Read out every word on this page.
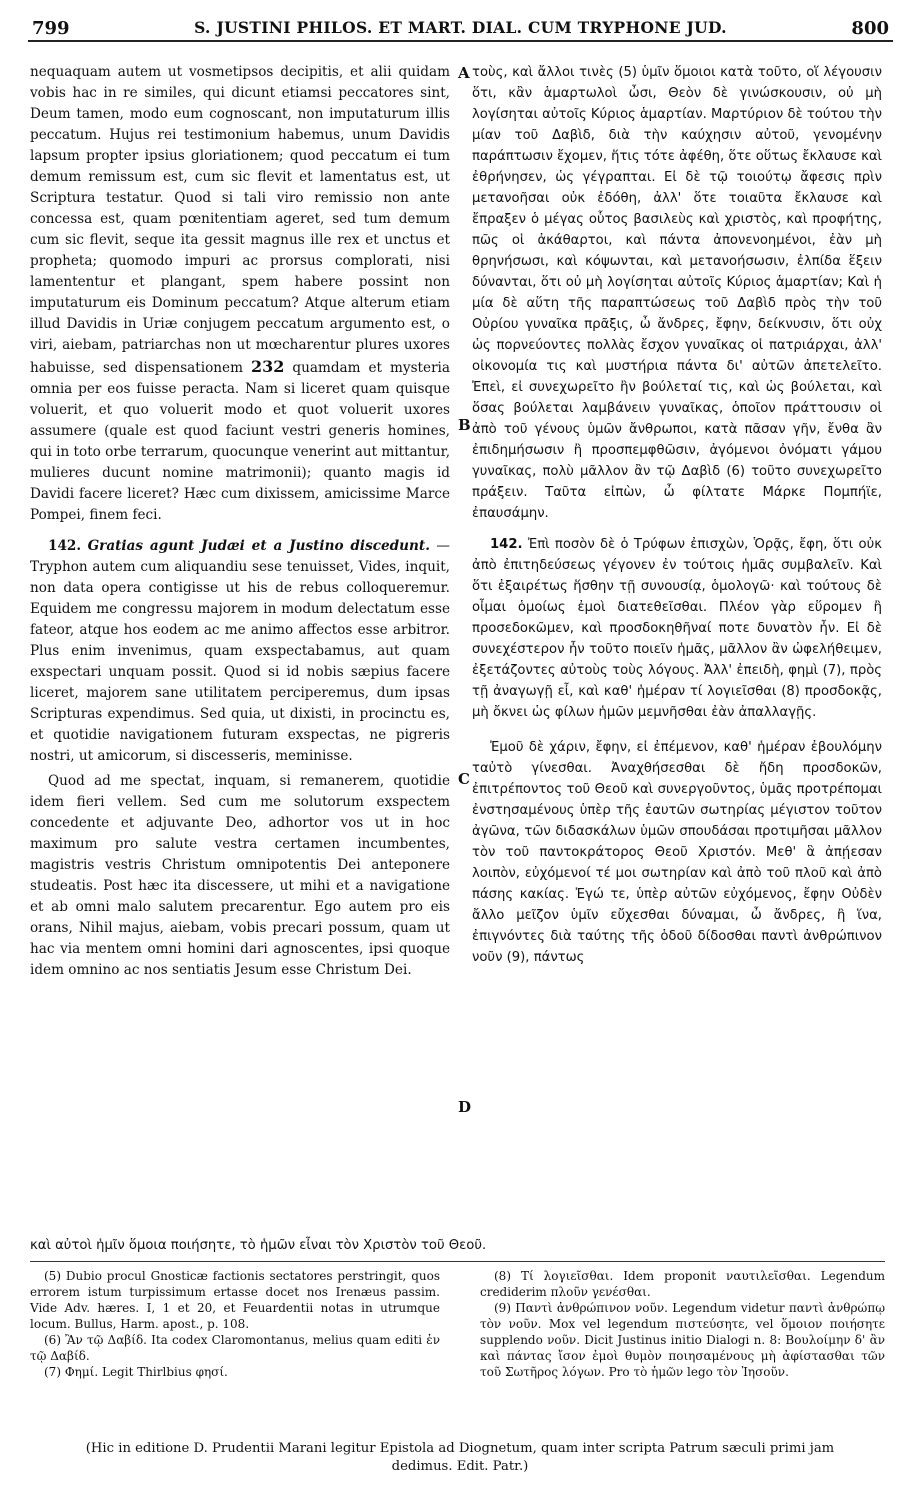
799	S. JUSTINI PHILOS. ET MART. DIAL. CUM TRYPHONE JUD.	800

nequaquam autem ut vosmetipsos decipitis, et alii quidam vobis hac in re similes, qui dicunt etiamsi peccatores sint, Deum tamen, modo eum cognoscant, non imputaturum illis peccatum. Hujus rei testimonium habemus, unum Davidis lapsum propter ipsius gloriationem; quod peccatum ei tum demum remissum est, cum sic flevit et lamentatus est, ut Scriptura testatur. Quod si tali viro remissio non ante concessa est, quam pœnitentiam ageret, sed tum demum cum sic flevit, seque ita gessit magnus ille rex et unctus et propheta; quomodo impuri ac prorsus complorati, nisi lamententur et plangant, spem habere possint non imputaturum eis Dominum peccatum? Atque alterum etiam illud Davidis in Uriæ conjugem peccatum argumento est, o viri, aiebam, patriarchas non ut mœcharentur plures uxores habuisse, sed dispensationem 232 quamdam et mysteria omnia per eos fuisse peracta. Nam si liceret quam quisque voluerit, et quo voluerit modo et quot voluerit uxores assumere (quale est quod faciunt vestri generis homines, qui in toto orbe terrarum, quocunque venerint aut mittantur, mulieres ducunt nomine matrimonii); quanto magis id Davidi facere liceret? Hæc cum dixissem, amicissime Marce Pompei, finem feci.

142. Gratias agunt Judæi et a Justino discedunt. — Tryphon autem cum aliquandiu sese tenuisset, Vides, inquit, non data opera contigisse ut his de rebus colloqueremur. Equidem me congressu majorem in modum delectatum esse fateor, atque hos eodem ac me animo affectos esse arbitror. Plus enim invenimus, quam exspectabamus, aut quam exspectari unquam possit. Quod si id nobis sæpius facere liceret, majorem sane utilitatem perciperemus, dum ipsas Scripturas expendimus. Sed quia, ut dixisti, in procinctu es, et quotidie navigationem futuram exspectas, ne pigreris nostri, ut amicorum, si discesseris, meminisse.

Quod ad me spectat, inquam, si remanerem, quotidie idem fieri vellem. Sed cum me solutorum exspectem concedente et adjuvante Deo, adhortor vos ut in hoc maximum pro salute vestra certamen incumbentes, magistris vestris Christum omnipotentis Dei anteponere studeatis. Post hæc ita discessere, ut mihi et a navigatione et ab omni malo salutem precarentur. Ego autem pro eis orans, Nihil majus, aiebam, vobis precari possum, quam ut hac via mentem omni homini dari agnoscentes, ipsi quoque idem omnino ac nos sentiatis Jesum esse Christum Dei.

A
B
C
D

τοὺς, καὶ ἄλλοι τινὲς (5) ὑμῖν ὅμοιοι κατὰ τοῦτο, οἵ λέγουσιν ὅτι, κἂν ἁμαρτωλοὶ ὦσι, Θεὸν δὲ γινώσκουσιν, οὐ μὴ λογίσηται αὐτοῖς Κύριος ἁμαρτίαν. Μαρτύριον δὲ τούτου τὴν μίαν τοῦ Δαβὶδ, διὰ τὴν καύχησιν αὐτοῦ, γενομένην παράπτωσιν ἔχομεν, ἥτις τότε ἀφέθη, ὅτε οὕτως ἔκλαυσε καὶ ἐθρήνησεν, ὡς γέγραπται. Εἰ δὲ τῷ τοιούτῳ ἄφεσις πρὶν μετανοῆσαι οὐκ ἐδόθη, ἀλλ' ὅτε τοιαῦτα ἔκλαυσε καὶ ἔπραξεν ὁ μέγας οὗτος βασιλεὺς καὶ χριστὸς, καὶ προφήτης, πῶς οἱ ἀκάθαρτοι, καὶ πάντα ἀπονενοημένοι, ἐὰν μὴ θρηνήσωσι, καὶ κόψωνται, καὶ μετανοήσωσιν, ἐλπίδα ἕξειν δύνανται, ὅτι οὐ μὴ λογίσηται αὐτοῖς Κύριος ἁμαρτίαν; Καὶ ἡ μία δὲ αὕτη τῆς παραπτώσεως τοῦ Δαβὶδ πρὸς τὴν τοῦ Οὐρίου γυναῖκα πρᾶξις, ὦ ἄνδρες, ἔφην, δείκνυσιν, ὅτι οὐχ ὡς πορνεύοντες πολλὰς ἔσχον γυναῖκας οἱ πατριάρχαι, ἀλλ' οἰκονομία τις καὶ μυστήρια πάντα δι' αὐτῶν ἀπετελεῖτο. Ἐπεὶ, εἰ συνεχωρεῖτο ἣν βούλεταί τις, καὶ ὡς βούλεται, καὶ ὅσας βούλεται λαμβάνειν γυναῖκας, ὁποῖον πράττουσιν οἱ ἀπὸ τοῦ γένους ὑμῶν ἄνθρωποι, κατὰ πᾶσαν γῆν, ἔνθα ἂν ἐπιδημήσωσιν ἢ προσπεμφθῶσιν, ἀγόμενοι ὀνόματι γάμου γυναῖκας, πολὺ μᾶλλον ἂν τῷ Δαβὶδ (6) τοῦτο συνεχωρεῖτο πράξειν. Ταῦτα εἰπὼν, ὦ φίλτατε Μάρκε Πομπήϊε, ἐπαυσάμην.

142. Ἐπὶ ποσὸν δὲ ὁ Τρύφων ἐπισχὼν, Ὁρᾷς, ἔφη, ὅτι οὐκ ἀπὸ ἐπιτηδεύσεως γέγονεν ἐν τούτοις ἡμᾶς συμβαλεῖν. Καὶ ὅτι ἐξαιρέτως ἥσθην τῇ συνουσίᾳ, ὁμολογῶ· καὶ τούτους δὲ οἶμαι ὁμοίως ἐμοὶ διατεθεῖσθαι. Πλέον γὰρ εὕρομεν ἢ προσεδοκῶμεν, καὶ προσδοκηθῆναί ποτε δυνατὸν ἦν. Εἰ δὲ συνεχέστερον ἦν τοῦτο ποιεῖν ἡμᾶς, μᾶλλον ἂν ὠφελήθειμεν, ἐξετάζοντες αὐτοὺς τοὺς λόγους. Ἀλλ' ἐπειδὴ, φημὶ (7), πρὸς τῇ ἀναγωγῇ εἶ, καὶ καθ' ἡμέραν τί λογιεῖσθαι (8) προσδοκᾷς, μὴ ὄκνει ὡς φίλων ἡμῶν μεμνῆσθαι ἐὰν ἀπαλλαγῇς.

Ἐμοῦ δὲ χάριν, ἔφην, εἰ ἐπέμενον, καθ' ἡμέραν ἐβουλόμην ταὐτὸ γίνεσθαι. Ἀναχθήσεσθαι δὲ ἤδη προσδοκῶν, ἐπιτρέποντος τοῦ Θεοῦ καὶ συνεργοῦντος, ὑμᾶς προτρέπομαι ἐνστησαμένους ὑπὲρ τῆς ἑαυτῶν σωτηρίας μέγιστον τοῦτον ἀγῶνα, τῶν διδασκάλων ὑμῶν σπουδάσαι προτιμῆσαι μᾶλλον τὸν τοῦ παντοκράτορος Θεοῦ Χριστόν. Μεθ' ἃ ἀπῄεσαν λοιπὸν, εὐχόμενοί τέ μοι σωτηρίαν καὶ ἀπὸ τοῦ πλοῦ καὶ ἀπὸ πάσης κακίας. Ἐγώ τε, ὑπὲρ αὐτῶν εὐχόμενος, ἔφην Οὐδὲν ἄλλο μεῖζον ὑμῖν εὔχεσθαι δύναμαι, ὦ ἄνδρες, ἢ ἵνα, ἐπιγνόντες διὰ ταύτης τῆς ὁδοῦ δίδοσθαι παντὶ ἀνθρώπινον νοῦν (9), πάντως

καὶ αὐτοὶ ἡμῖν ὅμοια ποιήσητε, τὸ ἡμῶν εἶναι τὸν Χριστὸν τοῦ Θεοῦ.

(5) Dubio procul Gnosticæ factionis sectatores perstringit, quos errorem istum turpissimum ertasse docet nos Irenæus passim. Vide Adv. hæres. I, 1 et 20, et Feuardentii notas in utrumque locum. Bullus, Harm. apost., p. 108.

(6) Ἂν τῷ Δαβίδ. Ita codex Claromontanus, melius quam editi ἐν τῷ Δαβίδ.

(7) Φημί. Legit Thirlbius φησί.

(8) Τί λογιεῖσθαι. Idem proponit ναυτιλεῖσθαι. Legendum crediderim πλοῦν γενέσθαι.

(9) Παντὶ ἀνθρώπινον νοῦν. Legendum videtur παντὶ ἀνθρώπῳ τὸν νοῦν. Mox vel legendum πιστεύσητε, vel ὅμοιον ποιήσητε supplendo νοῦν. Dicit Justinus initio Dialogi n. 8: Βουλοίμην δ' ἂν καὶ πάντας ἴσον ἐμοὶ θυμὸν ποιησαμένους μὴ ἀφίστασθαι τῶν τοῦ Σωτῆρος λόγων. Pro τὸ ἡμῶν lego τὸν Ἰησοῦν.

(Hic in editione D. Prudentii Marani legitur Epistola ad Diognetum, quam inter scripta Patrum sæculi primi jam dedimus. Edit. Patr.)
